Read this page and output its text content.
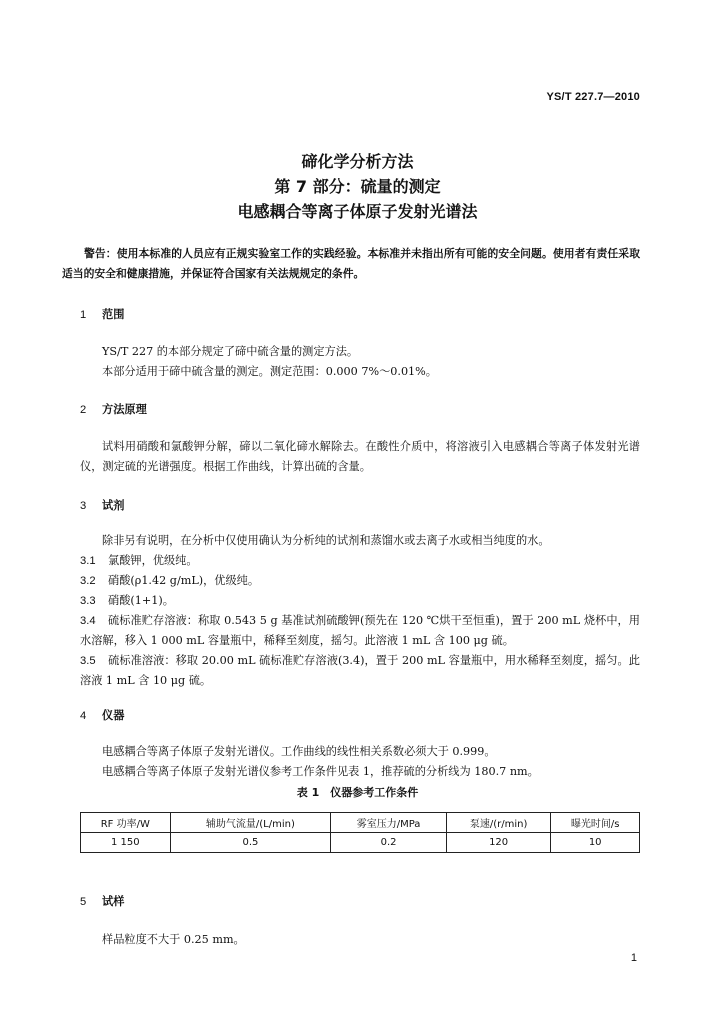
YS/T 227.7—2010
碲化学分析方法
第 7 部分：硫量的测定
电感耦合等离子体原子发射光谱法
警告：使用本标准的人员应有正规实验室工作的实践经验。本标准并未指出所有可能的安全问题。使用者有责任采取适当的安全和健康措施，并保证符合国家有关法规规定的条件。
1 范围
YS/T 227 的本部分规定了碲中硫含量的测定方法。
本部分适用于碲中硫含量的测定。测定范围：0.000 7%～0.01%。
2 方法原理
试料用硝酸和氯酸钾分解，碲以二氧化碲水解除去。在酸性介质中，将溶液引入电感耦合等离子体发射光谱仪，测定硫的光谱强度。根据工作曲线，计算出硫的含量。
3 试剂
除非另有说明，在分析中仅使用确认为分析纯的试剂和蒸馏水或去离子水或相当纯度的水。
3.1 氯酸钾，优级纯。
3.2 硝酸(ρ1.42 g/mL)，优级纯。
3.3 硝酸(1+1)。
3.4 硫标准贮存溶液：称取 0.543 5 g 基准试剂硫酸钾(预先在 120 ℃烘干至恒重)，置于 200 mL 烧杯中，用水溶解，移入 1 000 mL 容量瓶中，稀释至刻度，摇匀。此溶液 1 mL 含 100 μg 硫。
3.5 硫标准溶液：移取 20.00 mL 硫标准贮存溶液(3.4)，置于 200 mL 容量瓶中，用水稀释至刻度，摇匀。此溶液 1 mL 含 10 μg 硫。
4 仪器
电感耦合等离子体原子发射光谱仪。工作曲线的线性相关系数必须大于 0.999。
电感耦合等离子体原子发射光谱仪参考工作条件见表 1，推荐硫的分析线为 180.7 nm。
表 1　仪器参考工作条件
RF 功率/W	辅助气流量/(L/min)	雾室压力/MPa	泵速/(r/min)	曝光时间/s
1 150	0.5	0.2	120	10
5 试样
样品粒度不大于 0.25 mm。
1
